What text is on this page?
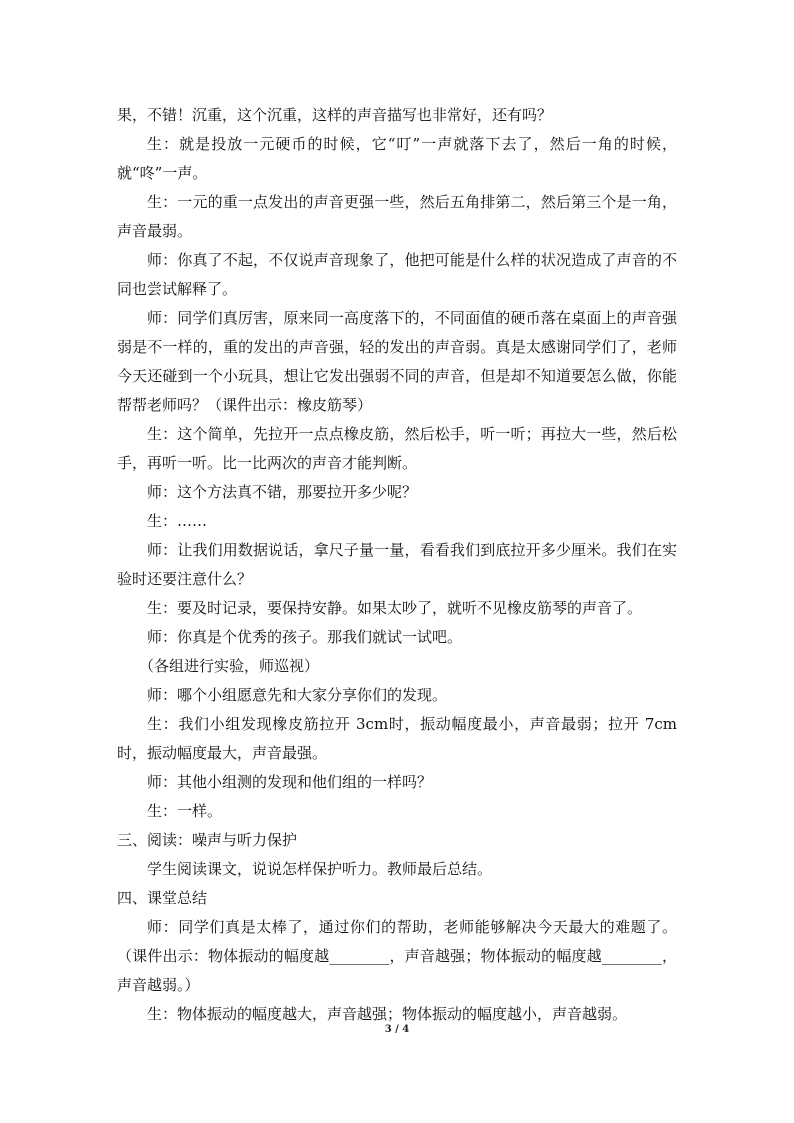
果，不错！沉重，这个沉重，这样的声音描写也非常好，还有吗？

生：就是投放一元硬币的时候，它“叮”一声就落下去了，然后一角的时候，就“咚”一声。

生：一元的重一点发出的声音更强一些，然后五角排第二，然后第三个是一角，声音最弱。

师：你真了不起，不仅说声音现象了，他把可能是什么样的状况造成了声音的不同也尝试解释了。

师：同学们真厉害，原来同一高度落下的，不同面值的硬币落在桌面上的声音强弱是不一样的，重的发出的声音强，轻的发出的声音弱。真是太感谢同学们了，老师今天还碰到一个小玩具，想让它发出强弱不同的声音，但是却不知道要怎么做，你能帮帮老师吗？（课件出示：橡皮筋琴）

生：这个简单，先拉开一点点橡皮筋，然后松手，听一听；再拉大一些，然后松手，再听一听。比一比两次的声音才能判断。

师：这个方法真不错，那要拉开多少呢？

生：……

师：让我们用数据说话，拿尺子量一量，看看我们到底拉开多少厘米。我们在实验时还要注意什么？

生：要及时记录，要保持安静。如果太吵了，就听不见橡皮筋琴的声音了。

师：你真是个优秀的孩子。那我们就试一试吧。

（各组进行实验，师巡视）

师：哪个小组愿意先和大家分享你们的发现。

生：我们小组发现橡皮筋拉开 3cm时，振动幅度最小，声音最弱；拉开 7cm时，振动幅度最大，声音最强。

师：其他小组测的发现和他们组的一样吗？

生：一样。

三、阅读：噪声与听力保护

学生阅读课文，说说怎样保护听力。教师最后总结。

四、课堂总结

师：同学们真是太棒了，通过你们的帮助，老师能够解决今天最大的难题了。（课件出示：物体振动的幅度越________，声音越强；物体振动的幅度越________，声音越弱。）

生：物体振动的幅度越大，声音越强；物体振动的幅度越小，声音越弱。

3 / 4
